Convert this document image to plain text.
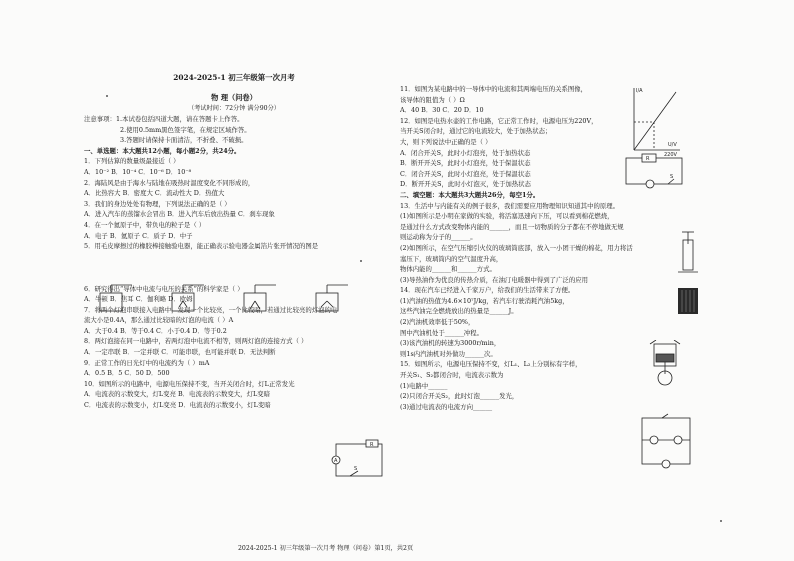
2024-2025-1 初三年级第一次月考
物 理（问卷）
（考试时间：72分钟 满分90分）
注意事项：1.本试卷包括四道大题，请在答题卡上作答。
2.使用0.5mm黑色签字笔，在规定区域作答。
3.答题时请保持卡面清洁，不折叠、不破损。
一、单选题：本大题共12小题，每小题2分，共24分。
1．下列估算的数量级最接近（ ）
A．10⁻² B．10⁻⁴ C．10⁻⁶ D．10⁻⁸
2．海陆风是由于海水与陆地在吸热时温度变化不同形成的，
A．比热容大 B．密度大 C．流动性大 D．热值大
3．我们的身边处处有物理，下列说法正确的是（ ）
A．进入汽车的蒸馏水会冒出 B．进入汽车后放出热量 C．刹车现象
4．在一个氦原子中，带负电的粒子是（ ）
A．电子 B．氦原子 C．质子 D．中子
5．用毛皮摩擦过的橡胶棒接触验电器，能正确表示验电器金属箔片张开情况的图是
6．研究得出“导体中电流与电压的关系”的科学家是（ ）
A．牛顿 B．焦耳 C．伽利略 D．欧姆
7．将两个灯泡串联接入电路中，发现一个比较亮，一个比较暗，若通过比较亮的灯泡的电
流大小是0.4A，那么通过比较暗的灯泡的电流（ ）A
A．大于0.4 B．等于0.4 C．小于0.4 D．等于0.2
8．两灯泡接在同一电路中，若两灯泡中电流不相等，则两灯泡的连接方式（ ）
A．一定串联 B．一定并联 C．可能串联，也可能并联 D．无法判断
9．正常工作的日光灯中的电流约为（ ）mA
A．0.5 B．5 C．50 D．500
10．如图所示的电路中，电源电压保持不变，当开关闭合时，灯L正常发光
A．电流表的示数变大，灯L变亮 B．电流表的示数变大，灯L变暗
C．电流表的示数变小，灯L变亮 D．电流表的示数变小，灯L变暗
A
R
S
11．如图为某电路中的一导体中的电流和其两端电压的关系图像，
该导体的阻值为（ ）Ω
A．40 B．30 C．20 D．10
12．如图是电热水壶的工作电路，它正常工作时，电源电压为220V，
当开关S闭合时，通过它的电流较大，处于加热状态；
大，则下列说法中正确的是（ ）
A．闭合开关S，此时小灯泡亮，处于加热状态
B．断开开关S，此时小灯泡亮，处于保温状态
C．闭合开关S，此时小灯泡亮，处于保温状态
D．断开开关S，此时小灯泡灭，处于加热状态
二、填空题：本大题共3大题共26分，每空1分。
13．生活中与内能有关的例子很多，我们需要应用物理知识知道其中的原理。
(1)如图所示是小明在家做的实验，将活塞迅速向下压，可以看到棉花燃烧，
是通过什么方式改变物体内能的______，而且一切物质的分子都在不停地做无规
则运动称为分子的______。
(2)如图所示，在空气压缩引火仪的玻璃筒底部，放入一小团干燥的棉花，用力将活
塞压下，玻璃筒内的空气温度升高，
物体内能的______和______方式。
(3)导热油作为优良的传热介质，在油汀电暖器中得到了广泛的应用
14．现在汽车已经进入千家万户，给我们的生活带来了方便。
(1)汽油的热值为4.6×10⁷J/kg，若汽车行驶消耗汽油5kg，
这些汽油完全燃烧放出的热量是______J。
(2)汽油机效率低于50%，
图中汽油机处于______冲程。
(3)该汽油机的转速为3000r/min，
则1s内汽油机对外做功______次。
15．如图所示，电源电压保持不变，灯L₁、L₂上分别标有字样，
开关S₁、S₂都闭合时，电流表示数为
(1)电路中______
(2)只闭合开关S₂，此时灯泡______发光，
(3)通过电流表的电流方向______
I/A
U/V
220V
R
S
2024-2025-1 初三年级第一次月考 物理（问卷）第1页，共2页
